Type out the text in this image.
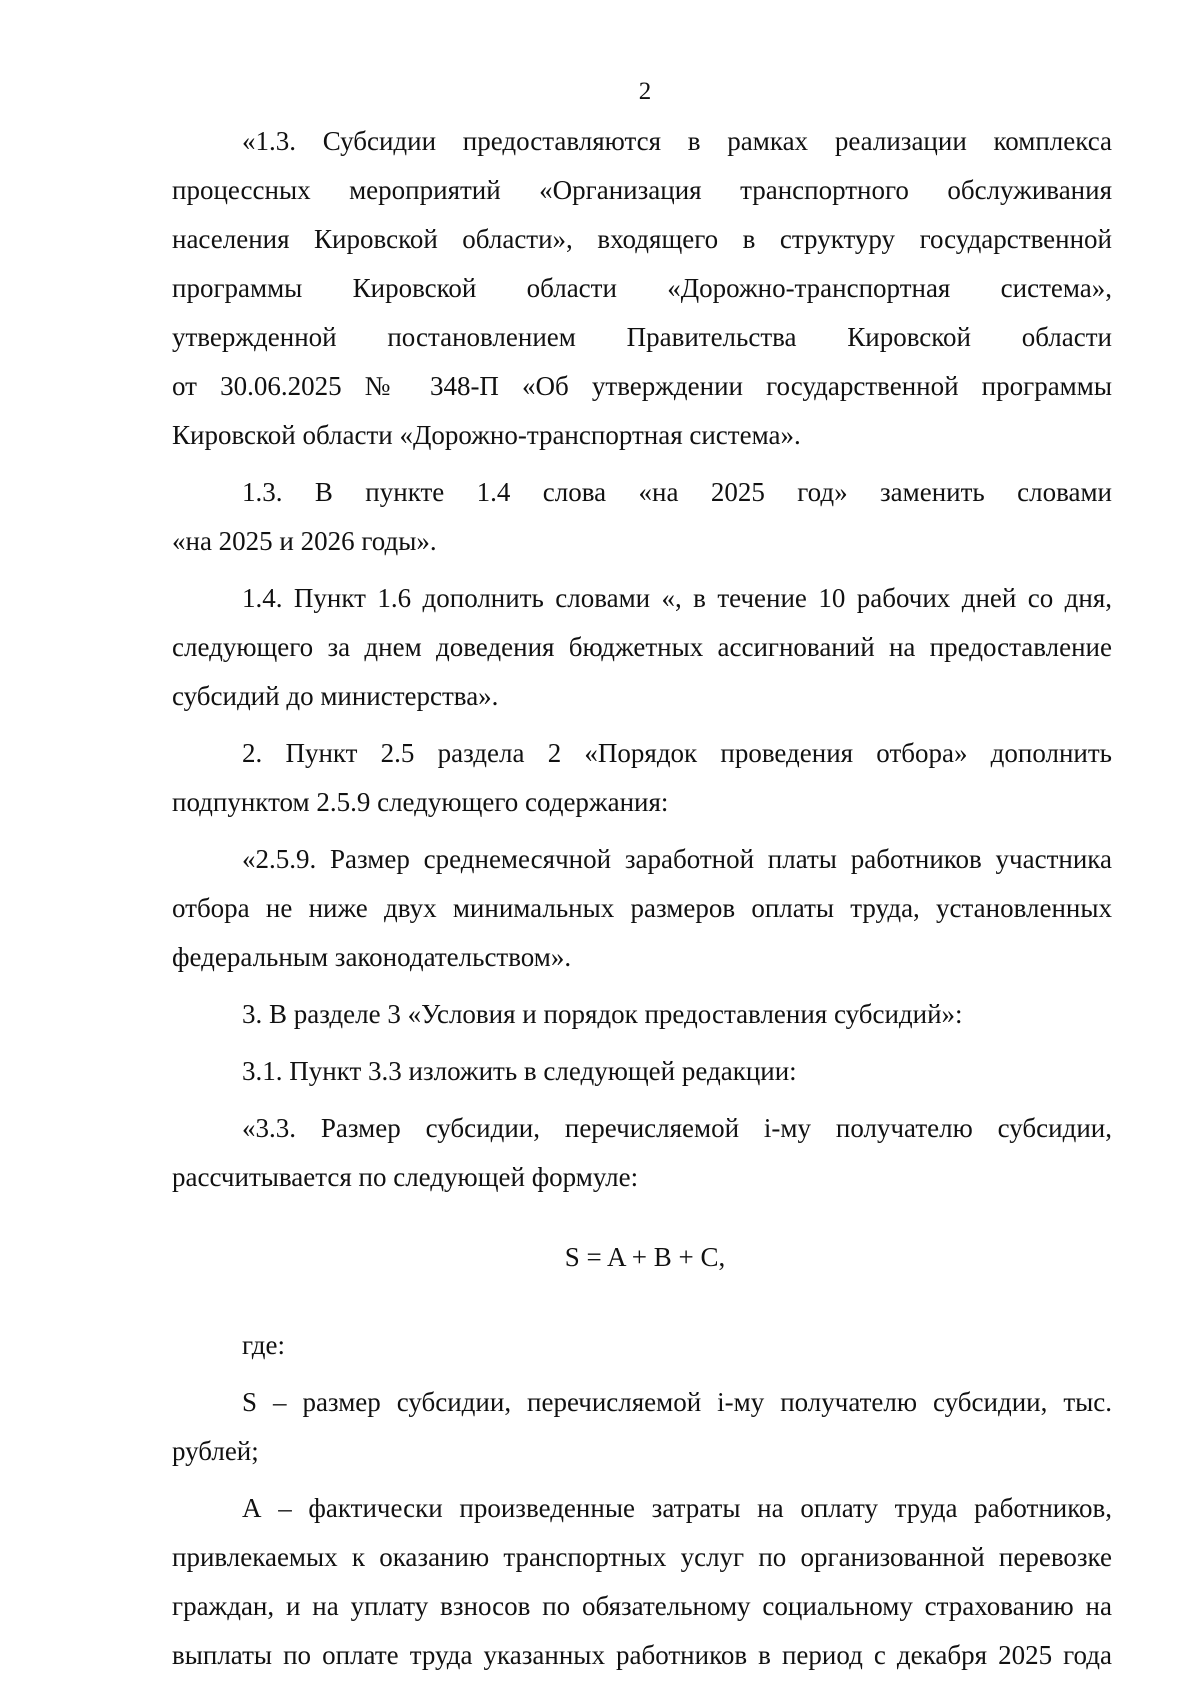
2
«1.3. Субсидии предоставляются в рамках реализации комплекса
процессных мероприятий «Организация транспортного обслуживания
населения Кировской области», входящего в структуру государственной
программы Кировской области «Дорожно-транспортная система»,
утвержденной постановлением Правительства Кировской области
от 30.06.2025 № 348-П «Об утверждении государственной программы
Кировской области «Дорожно-транспортная система».
1.3. В пункте 1.4 слова «на 2025 год» заменить словами
«на 2025 и 2026 годы».
1.4. Пункт 1.6 дополнить словами «, в течение 10 рабочих дней со дня,
следующего за днем доведения бюджетных ассигнований на предоставление
субсидий до министерства».
2. Пункт 2.5 раздела 2 «Порядок проведения отбора» дополнить
подпунктом 2.5.9 следующего содержания:
«2.5.9. Размер среднемесячной заработной платы работников участника
отбора не ниже двух минимальных размеров оплаты труда, установленных
федеральным законодательством».
3. В разделе 3 «Условия и порядок предоставления субсидий»:
3.1. Пункт 3.3 изложить в следующей редакции:
«3.3. Размер субсидии, перечисляемой i-му получателю субсидии,
рассчитывается по следующей формуле:
S = A + B + C,
где:
S – размер субсидии, перечисляемой i-му получателю субсидии, тыс.
рублей;
А – фактически произведенные затраты на оплату труда работников,
привлекаемых к оказанию транспортных услуг по организованной перевозке
граждан, и на уплату взносов по обязательному социальному страхованию на
выплаты по оплате труда указанных работников в период с декабря 2025 года
